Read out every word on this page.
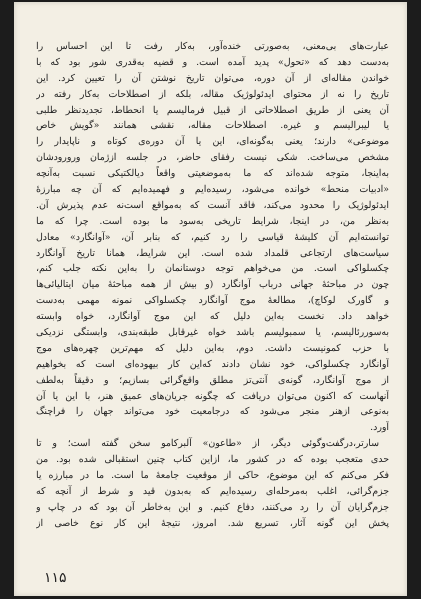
عبارت‌های بی‌معنی، به‌صورتی خنده‌آور، به‌کار رفت تا این احساس را
به‌دست دهد که «تحول» پدید آمده است. و قضیه به‌قدری شور بود که با
خواندن مقاله‌ای از آن دوره، می‌توان تاریخ نوشتن آن را تعیین کرد. این
تاریخ را نه از محتوای ایدئولوژیک مقاله، بلکه از اصطلاحات به‌کار رفته در
آن یعنی از طریق اصطلاحاتی از قبیل فرمالیسم یا انحطاط، تجدیدنظر طلبی
یا لیبرالیسم و غیره. اصطلاحات مقاله، نقشی همانند «گویش خاص
موضوعی» دارند؛ یعنی به‌گونه‌ای، این یا آن دوره‌ی کوتاه و ناپایدار را
مشخص می‌ساخت. شکی نیست رفقای حاضر، در جلسه ازژمان ورورودشان
به‌اینجا، متوجه شده‌اند که ما به‌موضعیتی واقعاً دیالکتیکی نسبت به‌آنچه
«ادبیات منحط» خوانده می‌شود، رسیده‌ایم و فهمیده‌ایم که آن چه مبارزهٔ
ایدئولوژیک را محدود می‌کند، فاقد آنست که به‌مواقع است‌نه عدم پذیرش آن.
به‌نظر من، در اینجا، شرایط تاریخی به‌سود ما بوده است. چرا که ما
توانسته‌ایم آن کلیشهٔ قیاسی را رد کنیم، که بنابر آن، «آوانگارد» معادل
سیاست‌های ارتجاعی قلمداد شده است. این شرایط، همانا تاریخ آوانگارد
چکسلواکی است. من می‌خواهم توجه دوستانمان را به‌این نکته جلب کنم،
چون در مباحثهٔ جهانی درباب آوانگارد (و بیش از همه مباحثهٔ میان ایتالیائی‌ها
و گاورک لوکاچ)، مطالعهٔ موج آوانگارد چکسلواکی نمونه مهمی به‌دست
خواهد داد. نخست به‌این دلیل که این موج آوانگارد، خواه وابسته
به‌سوررئالیسم، یا سمبولیسم باشد خواه غیرقابل طبقه‌بندی، وابستگی نزدیکی
با حزب کمونیست داشت. دوم، به‌این دلیل که مهم‌ترین چهره‌های موج
آوانگارد چکسلواکی، خود نشان دادند که‌این کار بیهوده‌ای است که بخواهیم
از موج آوانگارد، گونه‌ی آنتی‌تز مطلق واقع‌گرائی بسازیم؛ و دقیقاً به‌لطف
آنهاست که اکنون می‌توان دریافت که چگونه جریان‌های عمیق هنر، با این یا آن
به‌نوعی ازهنر منجر می‌شود که درجامعیت خود می‌تواند جهان را فراچنگ
آورد.
سارتر،درگفت‌وگوئی دیگر، از «طاعون» آلبرکامو سخن گفته است؛ و تا
حدی متعجب بوده که در کشور ما، ازاین کتاب چنین استقبالی شده بود. من
فکر می‌کنم که این موضوع، حاکی از موقعیت جامعهٔ ما است. ما در مبارزه یا
جزم‌گرائی، اغلب به‌مرحله‌ای رسیده‌ایم که به‌بدون قید و شرط از آنچه که
جزم‌گرایان آن را رد می‌کنند، دفاع کنیم. و این به‌خاطر آن بود که در چاپ و
پخش این گونه آثار، تسریع شد. امروز، نتیجهٔ این کار نوع خاصی از
۱۱۵
